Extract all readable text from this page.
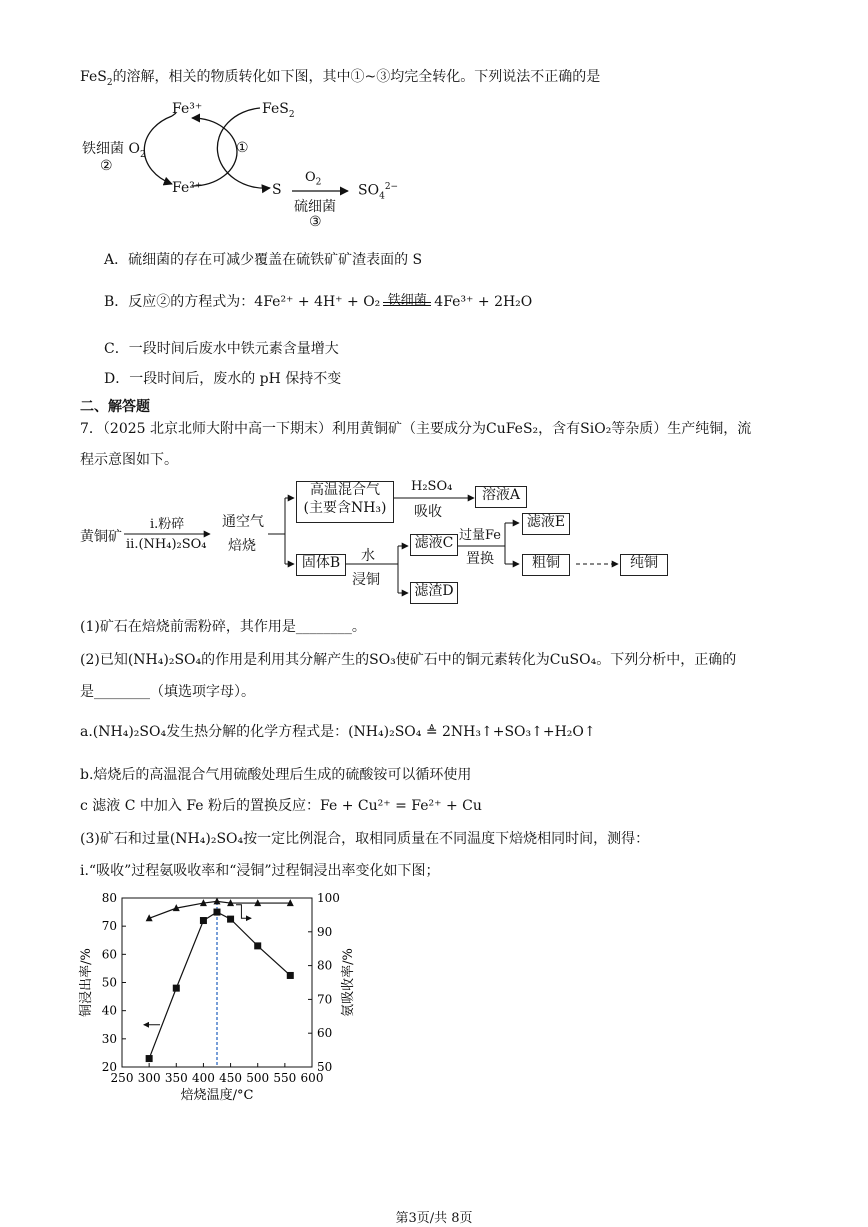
FeS$_2$的溶解，相关的物质转化如下图，其中①~③均完全转化。下列说法不正确的是
Fe³⁺	FeS$_2$
铁细菌 $O_2$
②
①
Fe²⁺	S
$O_2$
$SO_4^{2-}$
硫细菌
③
A．硫细菌的存在可减少覆盖在硫铁矿矿渣表面的 S
B．反应②的方程式为：4Fe²⁺ + 4H⁺ + O₂ 铁细菌 4Fe³⁺ + 2H₂O
C．一段时间后废水中铁元素含量增大
D．一段时间后，废水的 pH 保持不变
二、解答题
7．（2025 北京北师大附中高一下期末）利用黄铜矿（主要成分为CuFeS₂，含有SiO₂等杂质）生产纯铜，流
程示意图如下。
黄铜矿
i.粉碎
ii.(NH₄)₂SO₄
通空气
焙烧
高温混合气
(主要含NH₃)
H₂SO₄
吸收
溶液A
固体B	水
浸铜
滤液C 过量Fe
置换
滤液E
粗铜	纯铜
滤渣D
(1)矿石在焙烧前需粉碎，其作用是________。
(2)已知(NH₄)₂SO₄的作用是利用其分解产生的SO₃使矿石中的铜元素转化为CuSO₄。下列分析中，正确的
是________（填选项字母）。
a.(NH₄)₂SO₄发生热分解的化学方程式是：(NH₄)₂SO₄ ≜ 2NH₃↑+SO₃↑+H₂O↑
b.焙烧后的高温混合气用硫酸处理后生成的硫酸铵可以循环使用
c 滤液 C 中加入 Fe 粉后的置换反应：Fe + Cu²⁺ = Fe²⁺ + Cu
(3)矿石和过量(NH₄)₂SO₄按一定比例混合，取相同质量在不同温度下焙烧相同时间，测得：
i.“吸收”过程氨吸收率和“浸铜”过程铜浸出率变化如下图；
250 300 350 400 450 500 550 600
20
30
40
50
60
70
80
50
60
70
80
90
100
焙烧温度/°C
铜浸出率/%	氨吸收率/%
第3页/共 8页
